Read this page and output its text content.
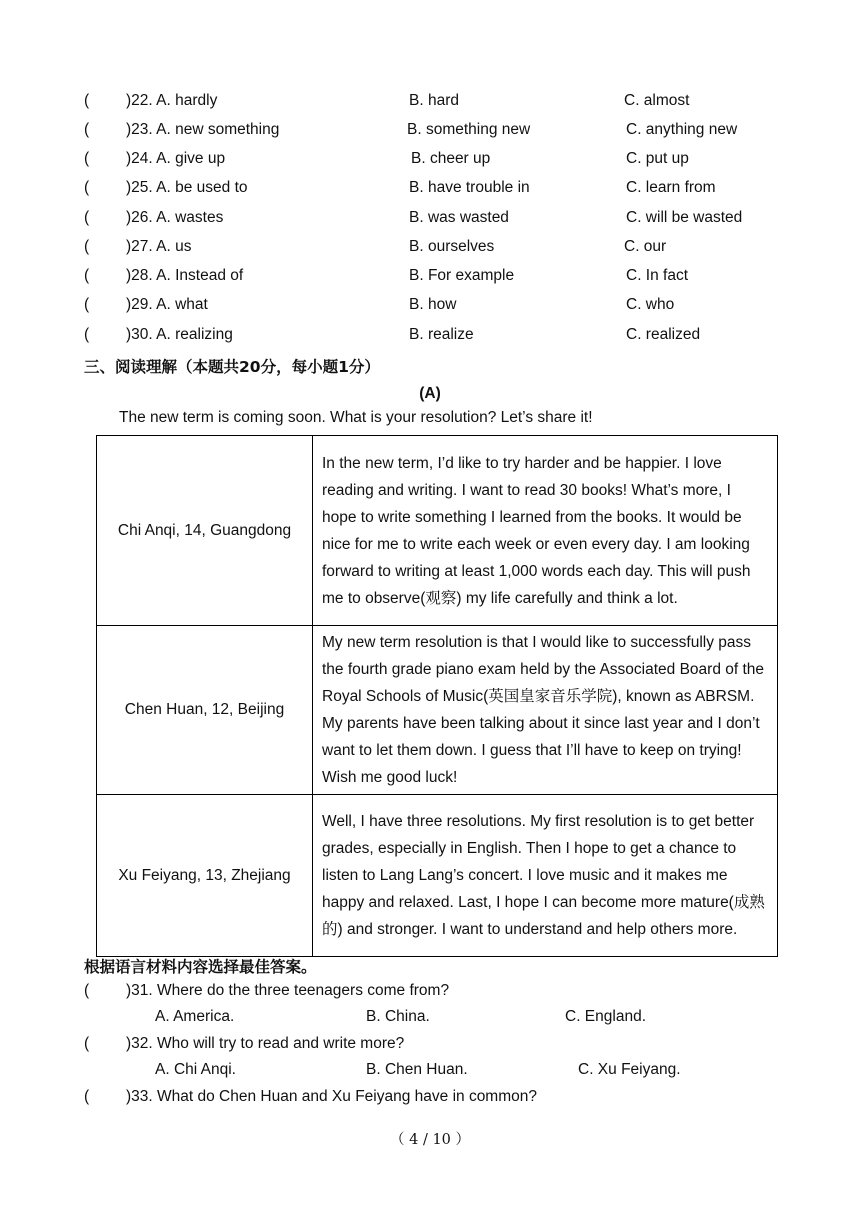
( )22. A. hardly	B. hard	C. almost
( )23. A. new something	B. something new	C. anything new
( )24. A. give up	B. cheer up	C. put up
( )25. A. be used to	B. have trouble in	C. learn from
( )26. A. wastes	B. was wasted	C. will be wasted
( )27. A. us	B. ourselves	C. our
( )28. A. Instead of	B. For example	C. In fact
( )29. A. what	B. how	C. who
( )30. A. realizing	B. realize	C. realized
三、阅读理解（本题共20分，每小题1分）
(A)
The new term is coming soon. What is your resolution? Let’s share it!
Chi Anqi, 14, Guangdong	In the new term, I’d like to try harder and be happier. I love reading and writing. I want to read 30 books! What’s more, I hope to write something I learned from the books. It would be nice for me to write each week or even every day. I am looking forward to writing at least 1,000 words each day. This will push me to observe(观察) my life carefully and think a lot.
Chen Huan, 12, Beijing	My new term resolution is that I would like to successfully pass the fourth grade piano exam held by the Associated Board of the Royal Schools of Music(英国皇家音乐学院), known as ABRSM. My parents have been talking about it since last year and I don’t want to let them down. I guess that I’ll have to keep on trying! Wish me good luck!
Xu Feiyang, 13, Zhejiang	Well, I have three resolutions. My first resolution is to get better grades, especially in English. Then I hope to get a chance to listen to Lang Lang’s concert. I love music and it makes me happy and relaxed. Last, I hope I can become more mature(成熟的) and stronger. I want to understand and help others more.
根据语言材料内容选择最佳答案。
( )31. Where do the three teenagers come from?
A. America.	B. China.	C. England.
( )32. Who will try to read and write more?
A. Chi Anqi.	B. Chen Huan.	C. Xu Feiyang.
( )33. What do Chen Huan and Xu Feiyang have in common?
（ 4 / 10 ）
